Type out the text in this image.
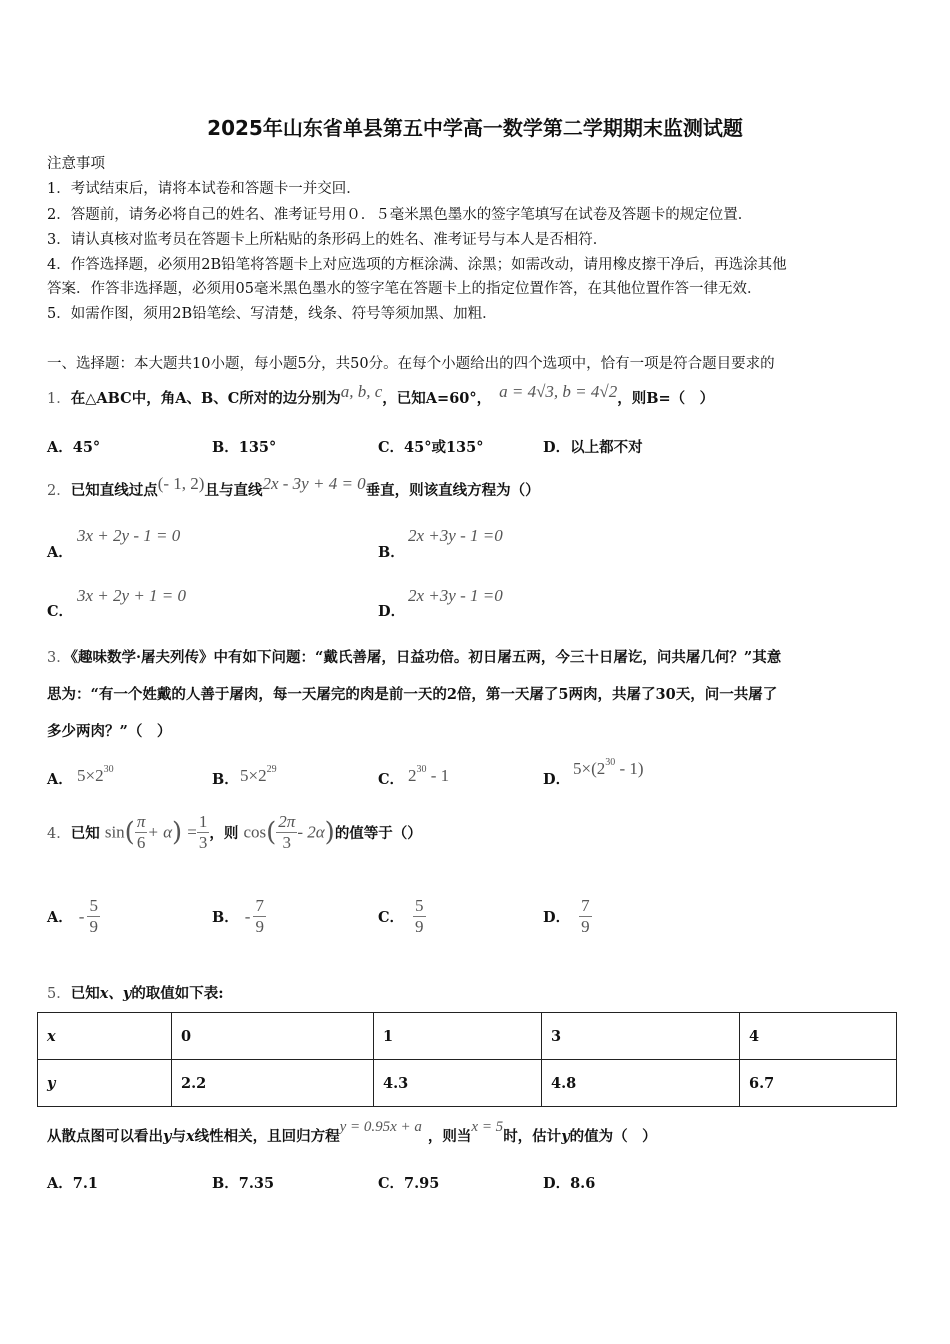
2025年山东省单县第五中学高一数学第二学期期末监测试题
注意事项
1．考试结束后，请将本试卷和答题卡一并交回．
2．答题前，请务必将自己的姓名、准考证号用０．５毫米黑色墨水的签字笔填写在试卷及答题卡的规定位置．
3．请认真核对监考员在答题卡上所粘贴的条形码上的姓名、准考证号与本人是否相符．
4．作答选择题，必须用2B铅笔将答题卡上对应选项的方框涂满、涂黑；如需改动，请用橡皮擦干净后，再选涂其他
答案．作答非选择题，必须用05毫米黑色墨水的签字笔在答题卡上的指定位置作答，在其他位置作答一律无效．
5．如需作图，须用2B铅笔绘、写清楚，线条、符号等须加黑、加粗．
一、选择题：本大题共10小题，每小题5分，共50分。在每个小题给出的四个选项中，恰有一项是符合题目要求的
1．在△ABC中，角A、B、C所对的边分别为a, b, c，已知A=60°， a = 4√3, b = 4√2，则B=（　）
A．45°	B．135°	C．45°或135°	D．以上都不对
2．已知直线过点(- 1, 2)且与直线2x - 3y + 4 = 0垂直，则该直线方程为（）
A．
3x + 2y - 1 = 0
B．
2x +3y - 1 =0
C．
3x + 2y + 1 = 0
D．
2x +3y - 1 =0
3．《趣味数学·屠夫列传》中有如下问题：“戴氏善屠，日益功倍。初日屠五两，今三十日屠讫，问共屠几何？”其意
思为：“有一个姓戴的人善于屠肉，每一天屠完的肉是前一天的2倍，第一天屠了5两肉，共屠了30天，问一共屠了
多少两肉？”（　）
A． $5\times 2^{30}$
B． $5\times 2^{29}$
C． $2^{30} - 1$	D．
$5\times(2^{30} - 1)$
4．已知 $\sin( \frac{\pi}{6} + \alpha) = \frac{1}{3}$ ，则 $\cos( \frac{2\pi}{3} - 2\alpha)$的值等于（）
A． - $\frac{5}{9}$	B． - $\frac{7}{9}$	C． $\frac{5}{9}$	D． $\frac{7}{9}$
5．已知x、y的取值如下表:
x	0	1	3	4
y	2.2	4.3	4.8	6.7
从散点图可以看出y与x线性相关，且回归方程y = 0.95x + a，则当x = 5时，估计y的值为（　）
A．7.1	B．7.35	C．7.95	D．8.6
